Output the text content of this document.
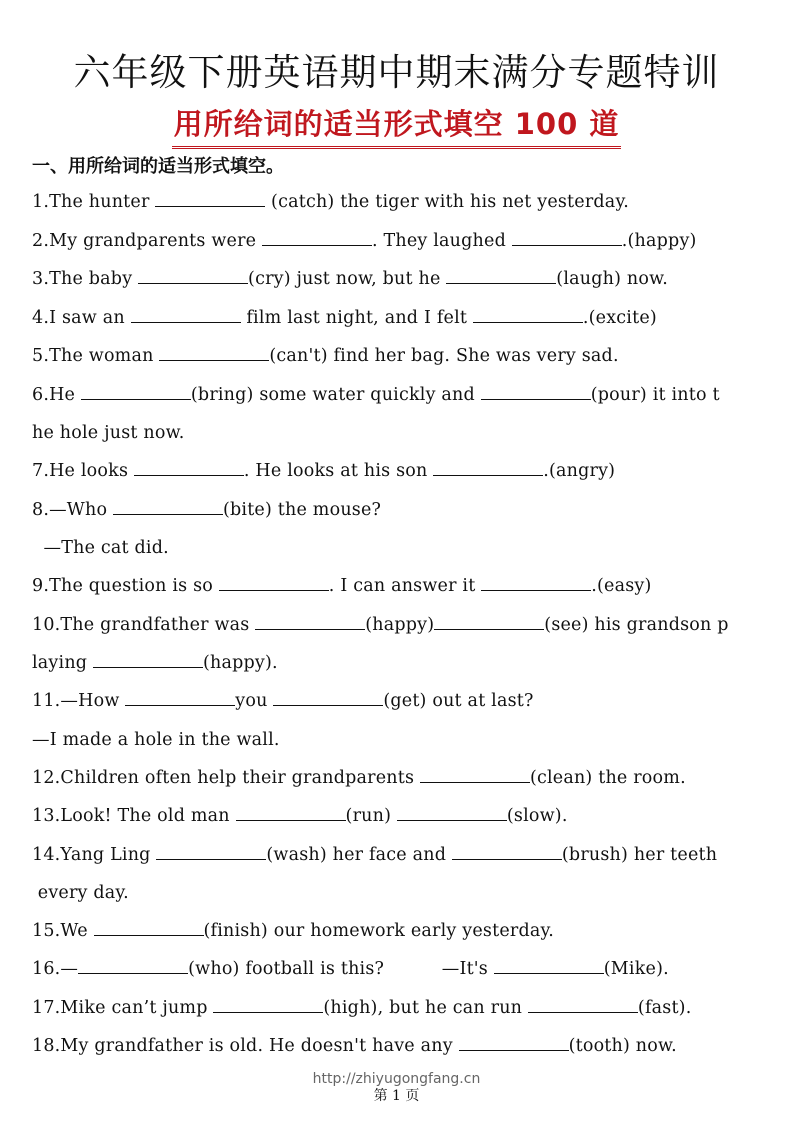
六年级下册英语期中期末满分专题特训
用所给词的适当形式填空 100 道
一、用所给词的适当形式填空。
1.The hunter	(catch) the tiger with his net yesterday.
2.My grandparents were	. They laughed	.(happy)
3.The baby	(cry) just now, but he	(laugh) now.
4.I saw an	film last night, and I felt	.(excite)
5.The woman	(can't) find her bag. She was very sad.
6.He	(bring) some water quickly and	(pour) it into t
he hole just now.
7.He looks	. He looks at his son	.(angry)
8.—Who	(bite) the mouse?
—The cat did.
9.The question is so	. I can answer it	.(easy)
10.The grandfather was	(happy)	(see) his grandson p
laying	(happy).
11.—How	you	(get) out at last?
—I made a hole in the wall.
12.Children often help their grandparents	(clean) the room.
13.Look! The old man	(run)	(slow).
14.Yang Ling	(wash) her face and	(brush) her teeth
every day.
15.We	(finish) our homework early yesterday.
16.—	(who) football is this?          —It's	(Mike).
17.Mike can’t jump	(high), but he can run	(fast).
18.My grandfather is old. He doesn't have any	(tooth) now.
http://zhiyugongfang.cn
第 1 页
